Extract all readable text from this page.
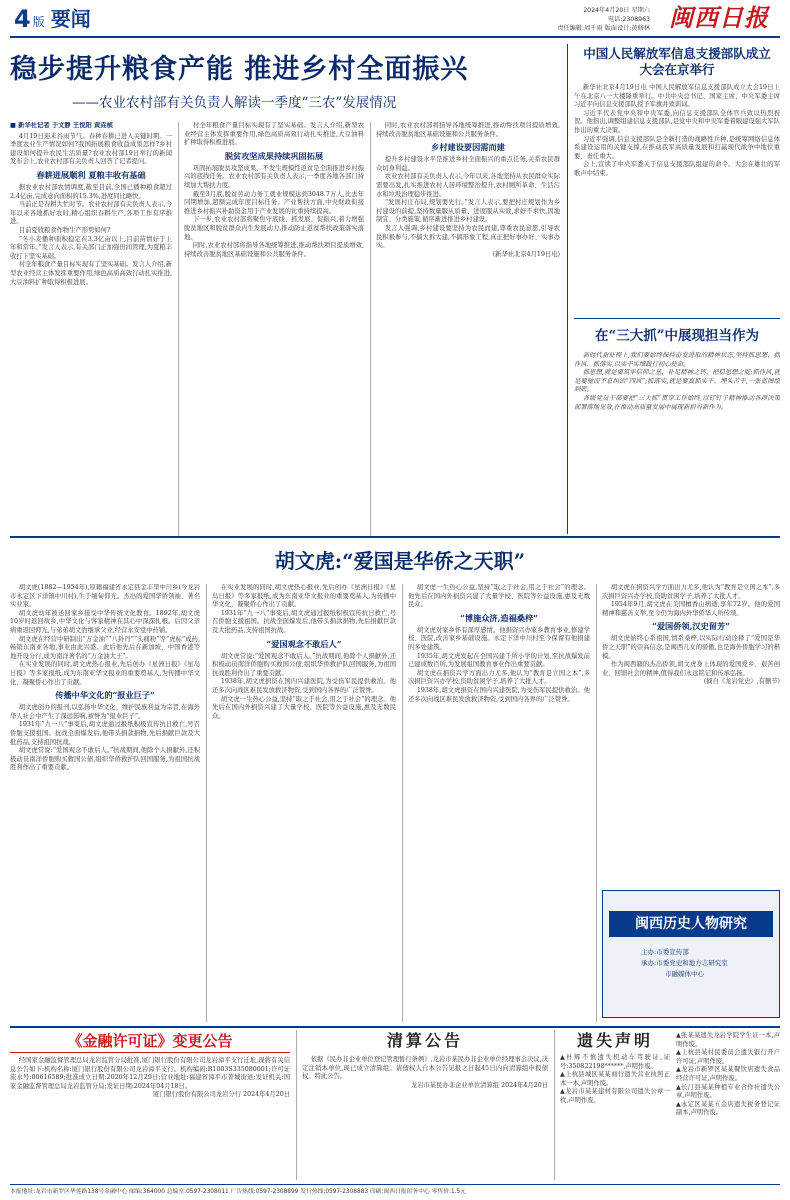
4 版 要闻	2024年4月20日 星期六
电话:2308963
责任编辑:周千雨 版面设计:黄修林 闽西日报
稳步提升粮食产能 推进乡村全面振兴
——农业农村部有关负责人解读一季度“三农”发展情况

■ 新华社记者 于文静 王悦阳 黄垚桢

4月19日迎来谷雨节气。春种春耕已进入关键时期。一季度农业生产情况如何?我国拓展粮食收益成果怎样?乡村建设如何提升农民生活质量?农业农村部19日举行的新闻发布会上,农业农村部有关负责人回答了记者提问。

春耕进展顺利 夏粮丰收有基础

据农业农村部农情调度,截至目前,全国已播种粮食超过2.4亿亩,完成意向面积的15.3%,进度同比略快。

当前正是春耕大忙时节。农业农村部有关负责人表示,今年以来各地抓好农时,精心组织春耕生产,各项工作有序推进。

目前夏收粮食作物生产形势如何?

“冬小麦播种面积稳定在3.3亿亩以上,目前苗情好于上年和常年。”发言人表示,有关部门正加强田间管理,为夏粮丰收打下坚实基础。

村全年粮食产量目标实现有了坚实基础。发言人介绍,新型农业经营主体发挥重要作用,绿色高质高效行动扎实推进,大豆油料扩种取得积极进展。

村全年粮食产量目标实现有了坚实基础。发言人介绍,新型农业经营主体发挥重要作用,绿色高质高效行动扎实推进,大豆油料扩种取得积极进展。

脱贫攻坚成果持续巩固拓展

巩固拓展脱贫攻坚成果、不发生规模性返贫是全面推进乡村振兴的底线任务。农业农村部有关负责人表示,一季度各地各部门持续加大帮扶力度。

截至3月底,脱贫劳动力务工就业规模达到3048.7万人,比去年同期增加,超额完成年度目标任务。产业帮扶方面,中央财政衔接推进乡村振兴补助资金用于产业发展的比重持续提高。

下一步,农业农村部将聚焦守底线、抓发展、促振兴,着力增强脱贫地区和脱贫群众内生发展动力,推动防止返贫帮扶政策落实落地。

同时,农业农村部将指导各地统筹推进,推动帮扶项目提质增效,持续改善脱贫地区基础设施和公共服务条件。

同时,农业农村部将指导各地统筹推进,推动帮扶项目提质增效,持续改善脱贫地区基础设施和公共服务条件。

乡村建设要因需而建

提升乡村建设水平是推进乡村全面振兴的重点任务,关系农民群众切身利益。

农业农村部有关负责人表示,今年以来,各地坚持从农民群众实际需要出发,扎实推进农村人居环境整治提升,农村厕所革命、生活污水和垃圾治理稳步推进。

“发展村庄布局,规划要先行。”发言人表示,要把村庄规划作为乡村建设的前提,坚持数量服从质量、进度服从实效,求好不求快,因地制宜、分类施策,循序渐进推进乡村建设。

发言人强调,乡村建设要坚持为农民而建,尊重农民意愿,引导农民积极参与,不搞大拆大建,不搞形象工程,真正把好事办好、实事办实。

(新华社北京4月19日电)

中国人民解放军信息支援部队成立大会在京举行

新华社北京4月19日电 中国人民解放军信息支援部队成立大会19日上午在北京八一大楼隆重举行。中共中央总书记、国家主席、中央军委主席习近平向信息支援部队授予军旗并致训词。

习近平代表党中央和中央军委,向信息支援部队全体官兵致以热烈祝贺。他指出,调整组建信息支援部队,是党中央和中央军委着眼建设强大军队作出的重大决策。

习近平强调,信息支援部队是全新打造的战略性兵种,是统筹网络信息体系建设运用的关键支撑,在推动我军高质量发展和打赢现代战争中地位重要、责任重大。

会上,宣读了中央军委关于信息支援部队组建的命令。大会在雄壮的军歌声中结束。

在“三大抓”中展现担当作为

新时代新征程上,我们要始终保持奋发进取的精神状态,坚持抓思想、抓作风、抓落实,以实干实绩践行初心使命。

抓思想,就是要筑牢信仰之基、补足精神之钙、把稳思想之舵;抓作风,就是要驰而不息纠治“四风”;抓落实,就是要真抓实干、埋头苦干,一张蓝图绘到底。

各级党员干部要把“三大抓”贯穿工作始终,以钉钉子精神推动各项决策部署落地见效,在推动高质量发展中展现新担当新作为。

胡文虎:“爱国是华侨之天职”

胡文虎(1882—1954年),原籍福建省永定县金丰里中川乡(今龙岩市永定区下洋镇中川村),生于缅甸仰光。杰出的爱国华侨领袖、著名实业家。

胡文虎幼年被送回家乡接受中华传统文化教育。1892年,胡文虎10岁时返回故乡,中华文化与客家精神在其心中深深扎根。后因父亲病重返回仰光,与弟弟胡文豹继承父业,经营永安堂中药铺。

胡文虎在经营中研制出“万金油”“八卦丹”“头痛粉”等“虎标”成药,畅销东南亚各地,事业由此兴盛。此后他先后在新加坡、中国香港等地开设分行,成为南洋著名的“万金油大王”。

在实业发展的同时,胡文虎热心报业,先后创办《星洲日报》《星岛日报》等多家报纸,成为东南亚华文报业的重要奠基人,为传播中华文化、凝聚侨心作出了贡献。

传播中华文化的“报业巨子”

胡文虎创办的报刊,以弘扬中华文化、维护民族利益为宗旨,在海外华人社会中产生了深远影响,被誉为“报业巨子”。

1931年“九一八”事变后,胡文虎通过报纸积极宣传抗日救亡,号召侨胞支援祖国。抗战全面爆发后,他带头捐款捐物,先后捐献巨款及大批药品,支持祖国抗战。

胡文虎常说:“爱国观念不敢后人。”抗战期间,他除个人捐献外,还积极动员南洋侨胞购买救国公债,组织华侨救护队回国服务,为祖国抗战胜利作出了重要贡献。

在实业发展的同时,胡文虎热心报业,先后创办《星洲日报》《星岛日报》等多家报纸,成为东南亚华文报业的重要奠基人,为传播中华文化、凝聚侨心作出了贡献。

1931年“九一八”事变后,胡文虎通过报纸积极宣传抗日救亡,号召侨胞支援祖国。抗战全面爆发后,他带头捐款捐物,先后捐献巨款及大批药品,支持祖国抗战。

“爱国观念不敢后人”

胡文虎常说:“爱国观念不敢后人。”抗战期间,他除个人捐献外,还积极动员南洋侨胞购买救国公债,组织华侨救护队回国服务,为祖国抗战胜利作出了重要贡献。

1938年,胡文虎捐资在国内兴建医院,为受伤军民提供救治。他还多次向战区难民发放救济物资,受到国内各界的广泛赞誉。

胡文虎一生热心公益,坚持“取之于社会,用之于社会”的理念。他先后在国内外捐资兴建了大量学校、医院等公益设施,惠及无数民众。

胡文虎一生热心公益,坚持“取之于社会,用之于社会”的理念。他先后在国内外捐资兴建了大量学校、医院等公益设施,惠及无数民众。

“博施众济,造福桑梓”

胡文虎对家乡怀有深厚感情。他捐资兴办家乡教育事业,修建学校、医院,改善家乡基础设施。永定下洋中川村至今保留有他捐建的多处建筑。

1935年,胡文虎发起在全国兴建千所小学的计划,至抗战爆发前已建成数百所,为发展祖国教育事业作出重要贡献。

胡文虎在捐资兴学方面出力尤多,他认为“教育是立国之本”,多次捐巨资兴办学校,资助贫困学子,培养了大批人才。

1938年,胡文虎捐资在国内兴建医院,为受伤军民提供救治。他还多次向战区难民发放救济物资,受到国内各界的广泛赞誉。

胡文虎在捐资兴学方面出力尤多,他认为“教育是立国之本”,多次捐巨资兴办学校,资助贫困学子,培养了大批人才。

1954年9月,胡文虎在美国檀香山病逝,享年72岁。他的爱国精神和慈善义举,至今仍为海内外华侨华人所传颂。

“爱国侨领,汉史留芳”

胡文虎始终心系祖国,情系桑梓,以实际行动诠释了“爱国是华侨之天职”的崇高信念,是闽西儿女的骄傲,也是海外侨胞学习的楷模。

作为闽西籍的杰出侨领,胡文虎身上体现的爱国爱乡、艰苦创业、回馈社会的精神,值得我们永远铭记和传承弘扬。

(摘自《龙岩党史》,有删节)

闽西历史人物研究
主办:市委宣传部
承办:市委党史和地方志研究室
市融媒体中心
《金融许可证》变更公告

经国家金融监督管理总局龙岩监管分局批准,厦门银行股份有限公司龙岩漳平支行迁址,现将有关信息公告如下:机构名称:厦门银行股份有限公司龙岩漳平支行。机构编码:B1003S335080001;许可证流水号:00616589;批准成立日期:2020年12月29日;营业地址:福建省漳平市菁城街道;发证机关:国家金融监督管理总局龙岩监管分局;发证日期:2024年04月18日。

厦门银行股份有限公司龙岩分行 2024年4月20日

清算公告

依据《民办非企业单位登记管理暂行条例》,龙岩市某民办非企业单位经理事会决议,决定注销本单位,现已成立清算组。请债权人自本公告见报之日起45日内向清算组申报债权。特此公告。

龙岩市某民办非企业单位清算组 2024年4月20日

遗失声明

▲杜辉不慎遗失机动车驾驶证,证号:350822198******,声明作废。

▲上杭县城区某某商行遗失营业执照正本一本,声明作废。

▲龙岩市某某建材有限公司遗失公章一枚,声明作废。

▲张某某遗失龙岩学院学生证一本,声明作废。

▲上杭县某村民委员会遗失银行开户许可证,声明作废。

▲龙岩市新罗区某某餐饮店遗失食品经营许可证,声明作废。

▲长汀县某某种植专业合作社遗失公章,声明作废。

▲永定区某某五金店遗失税务登记证副本,声明作废。

本报地址:龙岩市新罗区华莲路138号金融中心 邮编:364000 总编室:0597-2308011 广告热线:0597-2308899 发行热线:0597-2308883 印刷:闽西日报印务中心 零售价:1.5元
